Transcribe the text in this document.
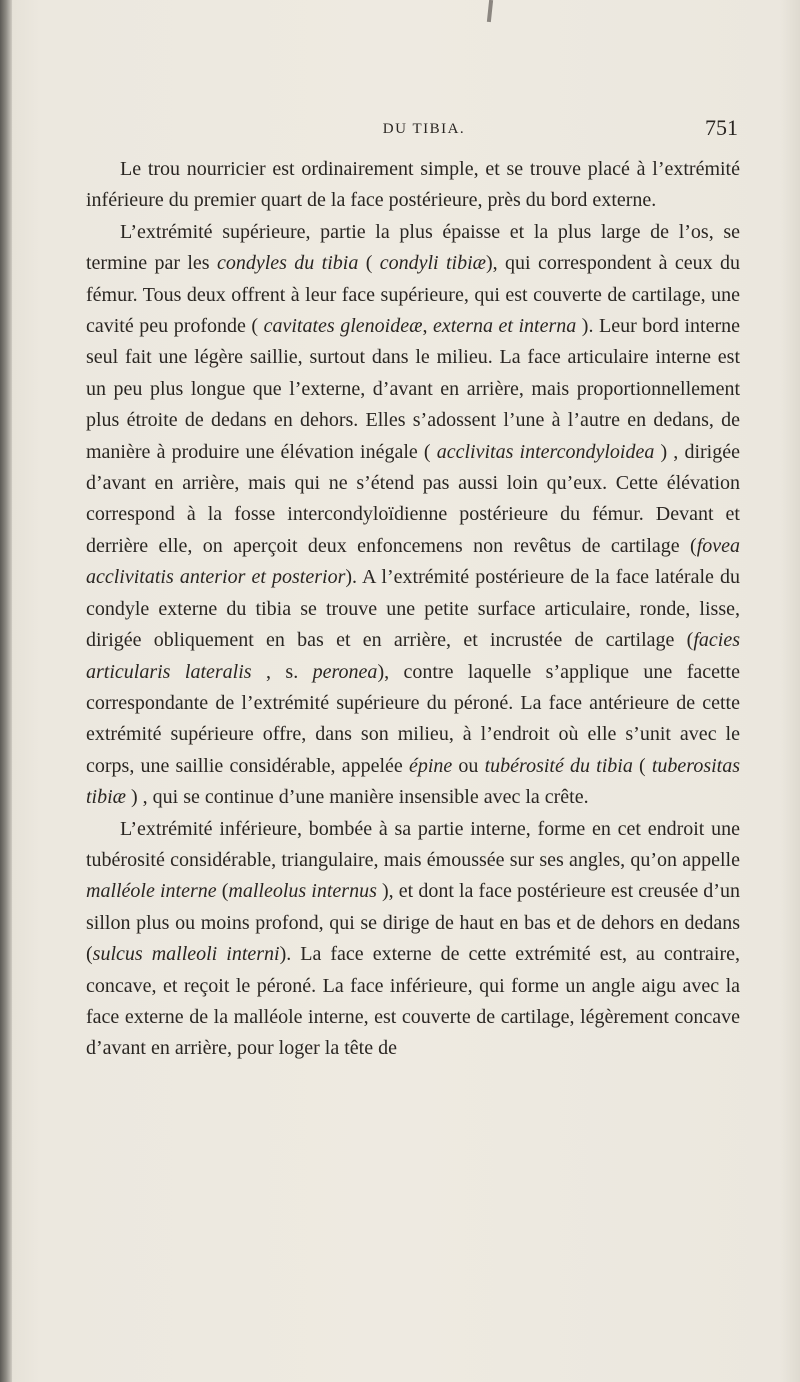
DU TIBIA.	751

Le trou nourricier est ordinairement simple, et se trouve placé à l’extrémité inférieure du premier quart de la face postérieure, près du bord externe.

L’extrémité supérieure, partie la plus épaisse et la plus large de l’os, se termine par les condyles du tibia ( condyli tibiæ), qui correspondent à ceux du fémur. Tous deux offrent à leur face supérieure, qui est couverte de cartilage, une cavité peu profonde ( cavitates glenoideæ, externa et interna ). Leur bord interne seul fait une légère saillie, surtout dans le milieu. La face articulaire interne est un peu plus longue que l’externe, d’avant en arrière, mais proportionnellement plus étroite de dedans en dehors. Elles s’adossent l’une à l’autre en dedans, de manière à produire une élévation inégale ( acclivitas intercondyloidea ) , dirigée d’avant en arrière, mais qui ne s’étend pas aussi loin qu’eux. Cette élévation correspond à la fosse intercondyloïdienne postérieure du fémur. Devant et derrière elle, on aperçoit deux enfoncemens non revêtus de cartilage (fovea acclivitatis anterior et posterior). A l’extrémité postérieure de la face latérale du condyle externe du tibia se trouve une petite surface articulaire, ronde, lisse, dirigée obliquement en bas et en arrière, et incrustée de cartilage (facies articularis lateralis , s. peronea), contre laquelle s’applique une facette correspondante de l’extrémité supérieure du péroné. La face antérieure de cette extrémité supérieure offre, dans son milieu, à l’endroit où elle s’unit avec le corps, une saillie considérable, appelée épine ou tubérosité du tibia ( tuberositas tibiæ ) , qui se continue d’une manière insensible avec la crête.

L’extrémité inférieure, bombée à sa partie interne, forme en cet endroit une tubérosité considérable, triangulaire, mais émoussée sur ses angles, qu’on appelle malléole interne (malleolus internus ), et dont la face postérieure est creusée d’un sillon plus ou moins profond, qui se dirige de haut en bas et de dehors en dedans (sulcus malleoli interni). La face externe de cette extrémité est, au contraire, concave, et reçoit le péroné. La face inférieure, qui forme un angle aigu avec la face externe de la malléole interne, est couverte de cartilage, légèrement concave d’avant en arrière, pour loger la tête de
